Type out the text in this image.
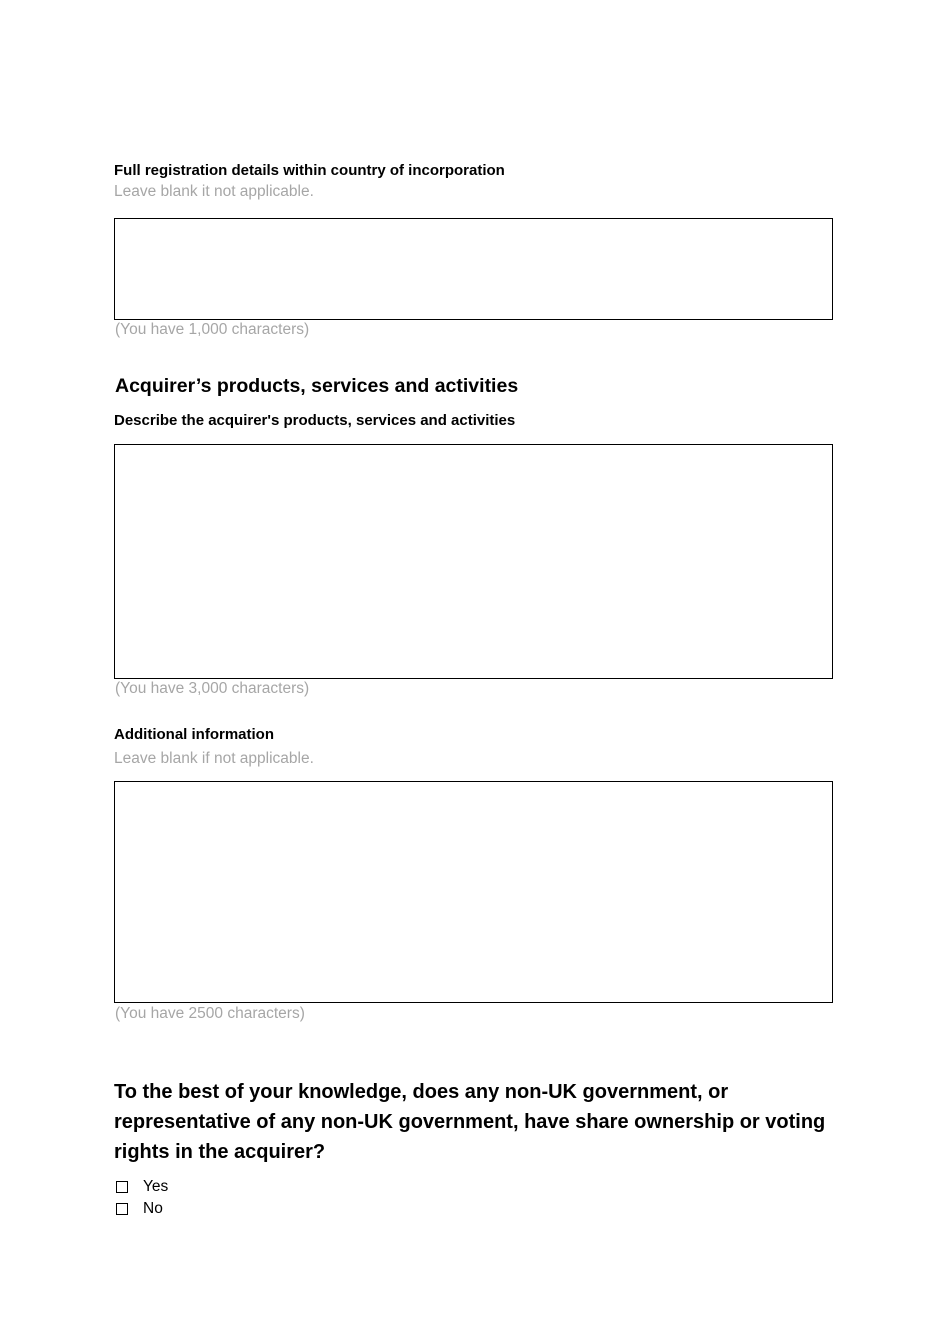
Full registration details within country of incorporation
Leave blank it not applicable.
(You have 1,000 characters)
Acquirer’s products, services and activities
Describe the acquirer's products, services and activities
(You have 3,000 characters)
Additional information
Leave blank if not applicable.
(You have 2500 characters)
To the best of your knowledge, does any non-UK government, or representative of any non-UK government, have share ownership or voting rights in the acquirer?
Yes
No
